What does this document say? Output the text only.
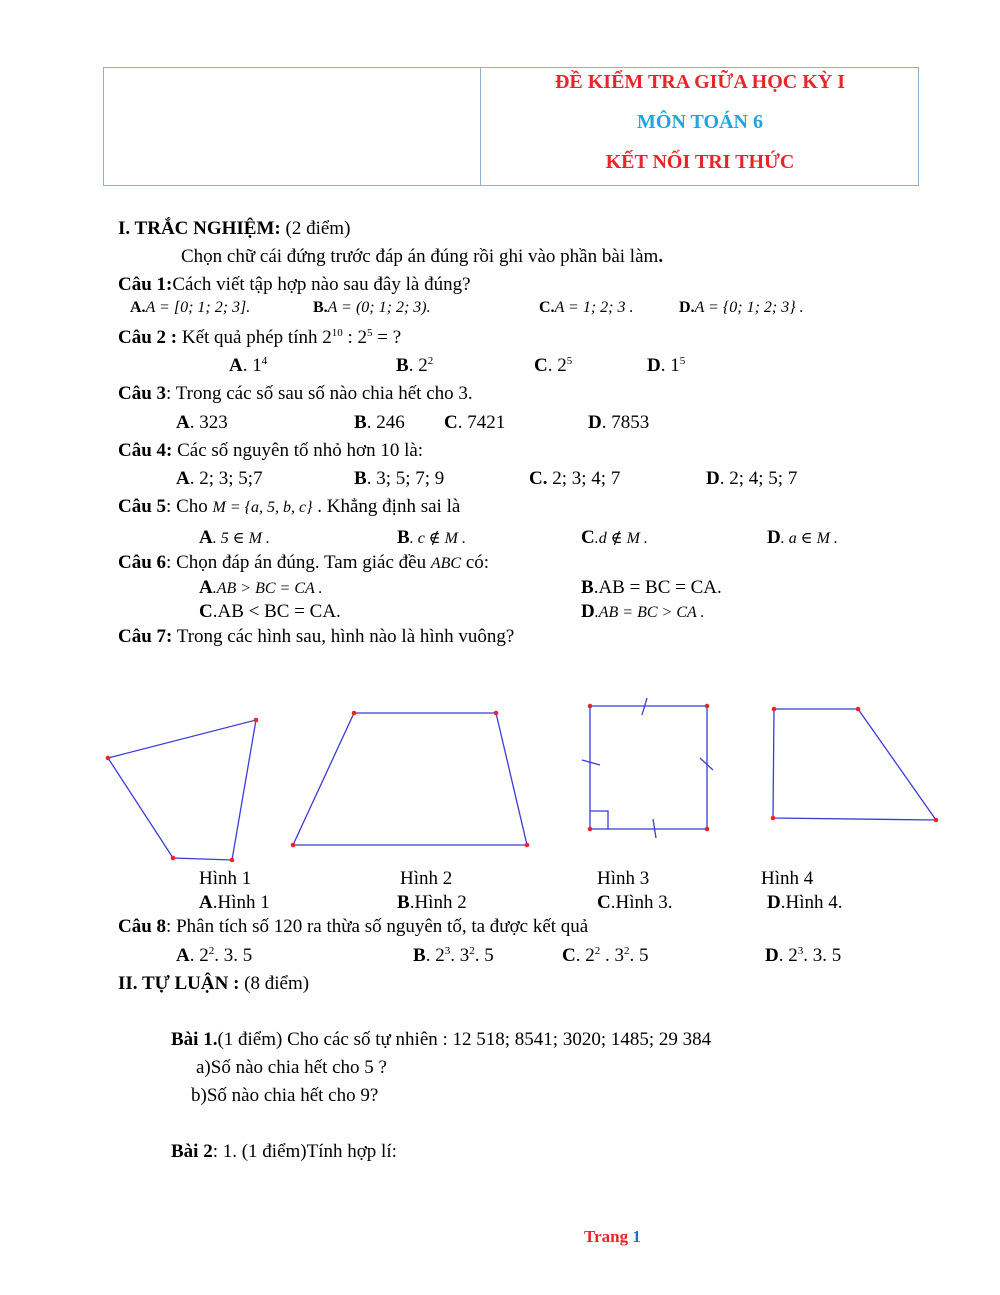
ĐỀ KIỂM TRA GIỮA HỌC KỲ I
MÔN TOÁN 6
KẾT NỐI TRI THỨC
I. TRẮC NGHIỆM: (2 điểm)
Chọn chữ cái đứng trước đáp án đúng rồi ghi vào phần bài làm.
Câu 1:Cách viết tập hợp nào sau đây là đúng?
A.A = [0; 1; 2; 3].	B.A = (0; 1; 2; 3).	C.A = 1; 2; 3 .	D.A = {0; 1; 2; 3} .
Câu 2 : Kết quả phép tính $2^{10}$ : $2^5$ = ?
A. $1^4$	B. $2^2$	C. $2^5$	D. $1^5$
Câu 3: Trong các số sau số nào chia hết cho 3.
A. 323	B. 246 C. 7421	D. 7853
Câu 4: Các số nguyên tố nhỏ hơn 10 là:
A. 2; 3; 5;7	B. 3; 5; 7; 9	C. 2; 3; 4; 7	D. 2; 4; 5; 7
Câu 5: Cho M = {a, 5, b, c} . Khẳng định sai là
A. 5 ∈ M .	B. c ∉ M .	C.d ∉ M .	D. a ∈ M .
Câu 6: Chọn đáp án đúng. Tam giác đều ABC có:
A.AB > BC = CA .	B.AB = BC = CA.
C.AB < BC = CA.	D.AB = BC > CA .
Câu 7: Trong các hình sau, hình nào là hình vuông?
Hình 1	Hình 2	Hình 3	Hình 4
A.Hình 1	B.Hình 2	C.Hình 3.	D.Hình 4.
Câu 8: Phân tích số 120 ra thừa số nguyên tố, ta được kết quả
A. $2^2$. 3. 5	B. $2^3$. $3^2$. 5	C. $2^2$ . $3^2$. 5	D. $2^3$. 3. 5
II. TỰ LUẬN : (8 điểm)
Bài 1.(1 điểm) Cho các số tự nhiên : 12 518; 8541; 3020; 1485; 29 384
a)Số nào chia hết cho 5 ?
b)Số nào chia hết cho 9?
Bài 2: 1. (1 điểm)Tính hợp lí:
Trang 1
